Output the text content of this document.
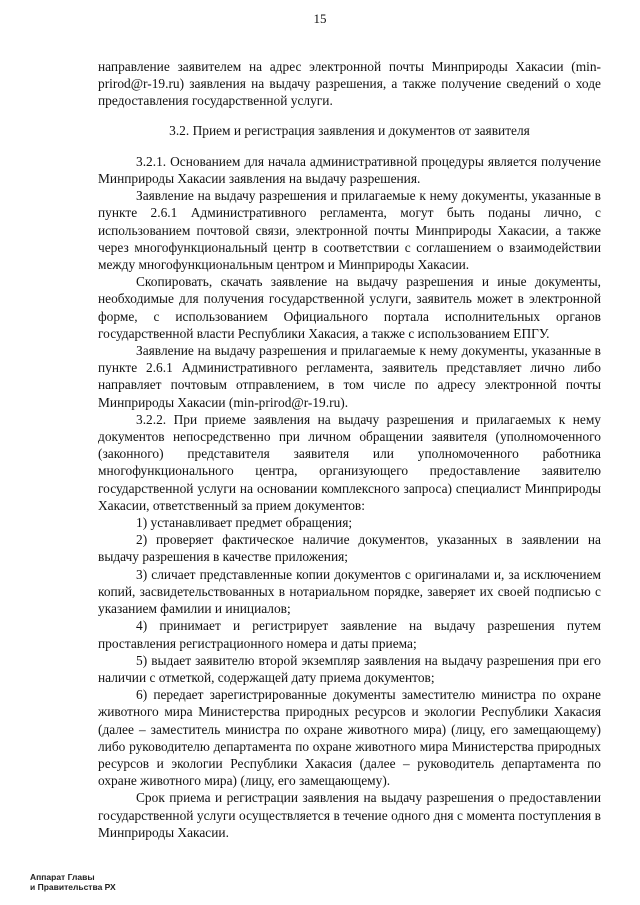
15

направление заявителем на адрес электронной почты Минприроды Хакасии (min-prirod@r-19.ru) заявления на выдачу разрешения, а также получение сведений о ходе предоставления государственной услуги.

3.2. Прием и регистрация заявления и документов от заявителя

3.2.1. Основанием для начала административной процедуры является получение Минприроды Хакасии заявления на выдачу разрешения.

Заявление на выдачу разрешения и прилагаемые к нему документы, указанные в пункте 2.6.1 Административного регламента, могут быть поданы лично, с использованием почтовой связи, электронной почты Минприроды Хакасии, а также через многофункциональный центр в соответствии с соглашением о взаимодействии между многофункциональным центром и Минприроды Хакасии.

Скопировать, скачать заявление на выдачу разрешения и иные документы, необходимые для получения государственной услуги, заявитель может в электронной форме, с использованием Официального портала исполнительных органов государственной власти Республики Хакасия, а также с использованием ЕПГУ.

Заявление на выдачу разрешения и прилагаемые к нему документы, указанные в пункте 2.6.1 Административного регламента, заявитель представляет лично либо направляет почтовым отправлением, в том числе по адресу электронной почты Минприроды Хакасии (min-prirod@r-19.ru).

3.2.2. При приеме заявления на выдачу разрешения и прилагаемых к нему документов непосредственно при личном обращении заявителя (уполномоченного (законного) представителя заявителя или уполномоченного работника многофункционального центра, организующего предоставление заявителю государственной услуги на основании комплексного запроса) специалист Минприроды Хакасии, ответственный за прием документов:

1) устанавливает предмет обращения;

2) проверяет фактическое наличие документов, указанных в заявлении на выдачу разрешения в качестве приложения;

3) сличает представленные копии документов с оригиналами и, за исключением копий, засвидетельствованных в нотариальном порядке, заверяет их своей подписью с указанием фамилии и инициалов;

4) принимает и регистрирует заявление на выдачу разрешения путем проставления регистрационного номера и даты приема;

5) выдает заявителю второй экземпляр заявления на выдачу разрешения при его наличии с отметкой, содержащей дату приема документов;

6) передает зарегистрированные документы заместителю министра по охране животного мира Министерства природных ресурсов и экологии Республики Хакасия (далее – заместитель министра по охране животного мира) (лицу, его замещающему) либо руководителю департамента по охране животного мира Министерства природных ресурсов и экологии Республики Хакасия (далее – руководитель департамента по охране животного мира) (лицу, его замещающему).

Срок приема и регистрации заявления на выдачу разрешения о предоставлении государственной услуги осуществляется в течение одного дня с момента поступления в Минприроды Хакасии.

Аппарат Главы
и Правительства РХ
